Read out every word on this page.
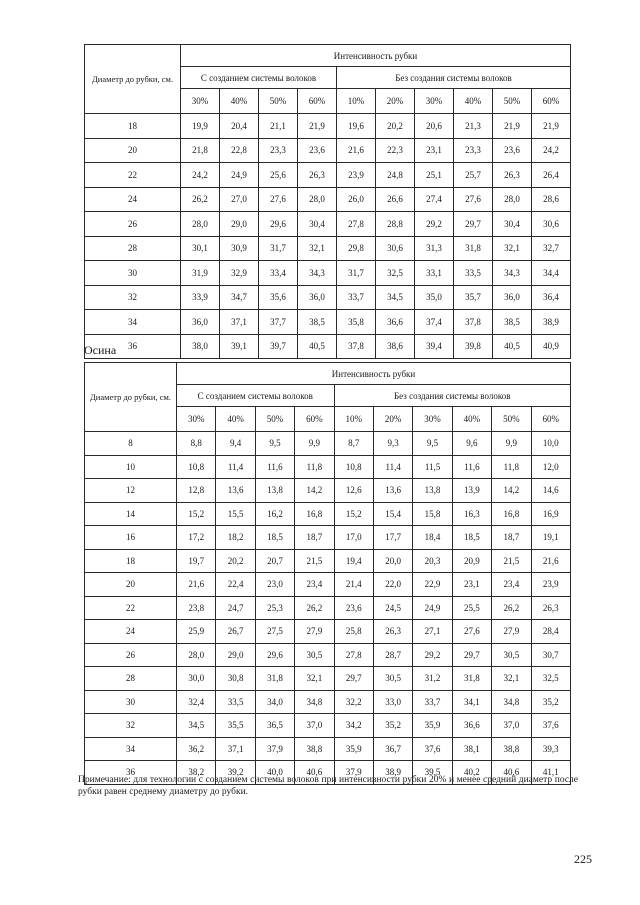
Диаметр до рубки, см.	Интенсивность рубки									
	С созданием системы волоков				Без создания системы волоков					
	30%	40%	50%	60%	10%	20%	30%	40%	50%	60%
18	19,9	20,4	21,1	21,9	19,6	20,2	20,6	21,3	21,9	21,9
20	21,8	22,8	23,3	23,6	21,6	22,3	23,1	23,3	23,6	24,2
22	24,2	24,9	25,6	26,3	23,9	24,8	25,1	25,7	26,3	26,4
24	26,2	27,0	27,6	28,0	26,0	26,6	27,4	27,6	28,0	28,6
26	28,0	29,0	29,6	30,4	27,8	28,8	29,2	29,7	30,4	30,6
28	30,1	30,9	31,7	32,1	29,8	30,6	31,3	31,8	32,1	32,7
30	31,9	32,9	33,4	34,3	31,7	32,5	33,1	33,5	34,3	34,4
32	33,9	34,7	35,6	36,0	33,7	34,5	35,0	35,7	36,0	36,4
34	36,0	37,1	37,7	38,5	35,8	36,6	37,4	37,8	38,5	38,9
36	38,0	39,1	39,7	40,5	37,8	38,6	39,4	39,8	40,5	40,9
Осина
Диаметр до рубки, см.	Интенсивность рубки									
	С созданием системы волоков				Без создания системы волоков					
	30%	40%	50%	60%	10%	20%	30%	40%	50%	60%
8	8,8	9,4	9,5	9,9	8,7	9,3	9,5	9,6	9,9	10,0
10	10,8	11,4	11,6	11,8	10,8	11,4	11,5	11,6	11,8	12,0
12	12,8	13,6	13,8	14,2	12,6	13,6	13,8	13,9	14,2	14,6
14	15,2	15,5	16,2	16,8	15,2	15,4	15,8	16,3	16,8	16,9
16	17,2	18,2	18,5	18,7	17,0	17,7	18,4	18,5	18,7	19,1
18	19,7	20,2	20,7	21,5	19,4	20,0	20,3	20,9	21,5	21,6
20	21,6	22,4	23,0	23,4	21,4	22,0	22,9	23,1	23,4	23,9
22	23,8	24,7	25,3	26,2	23,6	24,5	24,9	25,5	26,2	26,3
24	25,9	26,7	27,5	27,9	25,8	26,3	27,1	27,6	27,9	28,4
26	28,0	29,0	29,6	30,5	27,8	28,7	29,2	29,7	30,5	30,7
28	30,0	30,8	31,8	32,1	29,7	30,5	31,2	31,8	32,1	32,5
30	32,4	33,5	34,0	34,8	32,2	33,0	33,7	34,1	34,8	35,2
32	34,5	35,5	36,5	37,0	34,2	35,2	35,9	36,6	37,0	37,6
34	36,2	37,1	37,9	38,8	35,9	36,7	37,6	38,1	38,8	39,3
36	38,2	39,2	40,0	40,6	37,9	38,9	39,5	40,2	40,6	41,1
Примечание: для технологии с созданием системы волоков при интенсивности рубки 20% и менее средний диаметр после рубки равен среднему диаметру до рубки.
225
